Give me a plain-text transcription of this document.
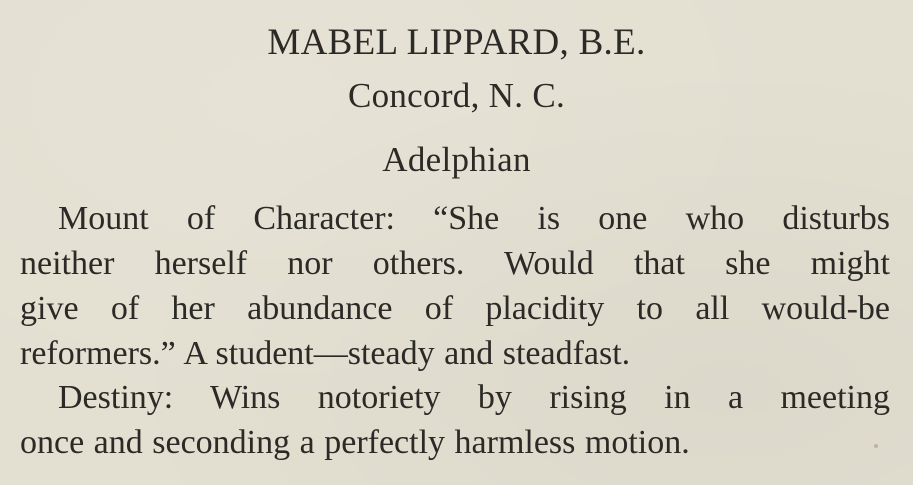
MABEL LIPPARD, B.E.
Concord, N. C.
Adelphian
Mount of Character: “She is one who disturbs
neither herself nor others. Would that she might
give of her abundance of placidity to all would-be
reformers.” A student—steady and steadfast.
Destiny: Wins notoriety by rising in a meeting
once and seconding a perfectly harmless motion.
